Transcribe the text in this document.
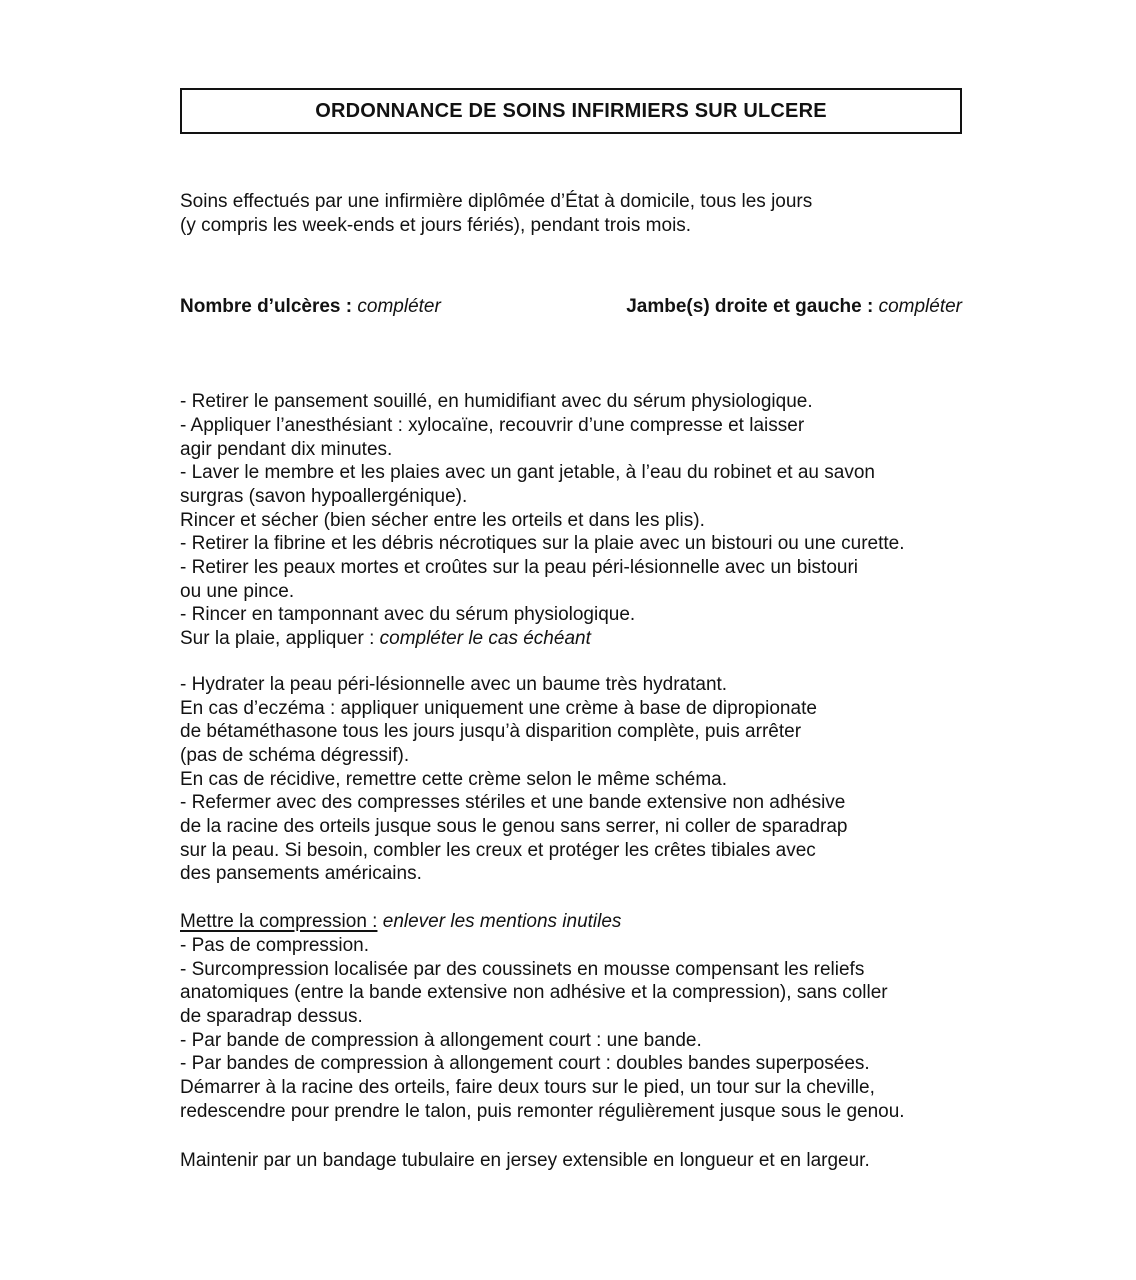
ORDONNANCE DE SOINS INFIRMIERS SUR ULCERE
Soins effectués par une infirmière diplômée d’État à domicile, tous les jours
(y compris les week-ends et jours fériés), pendant trois mois.
Nombre d’ulcères : compléter	Jambe(s) droite et gauche : compléter
- Retirer le pansement souillé, en humidifiant avec du sérum physiologique.
- Appliquer l’anesthésiant : xylocaïne, recouvrir d’une compresse et laisser
agir pendant dix minutes.
- Laver le membre et les plaies avec un gant jetable, à l’eau du robinet et au savon
surgras (savon hypoallergénique).
Rincer et sécher (bien sécher entre les orteils et dans les plis).
- Retirer la fibrine et les débris nécrotiques sur la plaie avec un bistouri ou une curette.
- Retirer les peaux mortes et croûtes sur la peau péri-lésionnelle avec un bistouri
ou une pince.
- Rincer en tamponnant avec du sérum physiologique.
Sur la plaie, appliquer : compléter le cas échéant
- Hydrater la peau péri-lésionnelle avec un baume très hydratant.
En cas d’eczéma : appliquer uniquement une crème à base de dipropionate
de bétaméthasone tous les jours jusqu’à disparition complète, puis arrêter
(pas de schéma dégressif).
En cas de récidive, remettre cette crème selon le même schéma.
- Refermer avec des compresses stériles et une bande extensive non adhésive
de la racine des orteils jusque sous le genou sans serrer, ni coller de sparadrap
sur la peau. Si besoin, combler les creux et protéger les crêtes tibiales avec
des pansements américains.
Mettre la compression : enlever les mentions inutiles
- Pas de compression.
- Surcompression localisée par des coussinets en mousse compensant les reliefs
anatomiques (entre la bande extensive non adhésive et la compression), sans coller
de sparadrap dessus.
- Par bande de compression à allongement court : une bande.
- Par bandes de compression à allongement court : doubles bandes superposées.
Démarrer à la racine des orteils, faire deux tours sur le pied, un tour sur la cheville,
redescendre pour prendre le talon, puis remonter régulièrement jusque sous le genou.
Maintenir par un bandage tubulaire en jersey extensible en longueur et en largeur.
